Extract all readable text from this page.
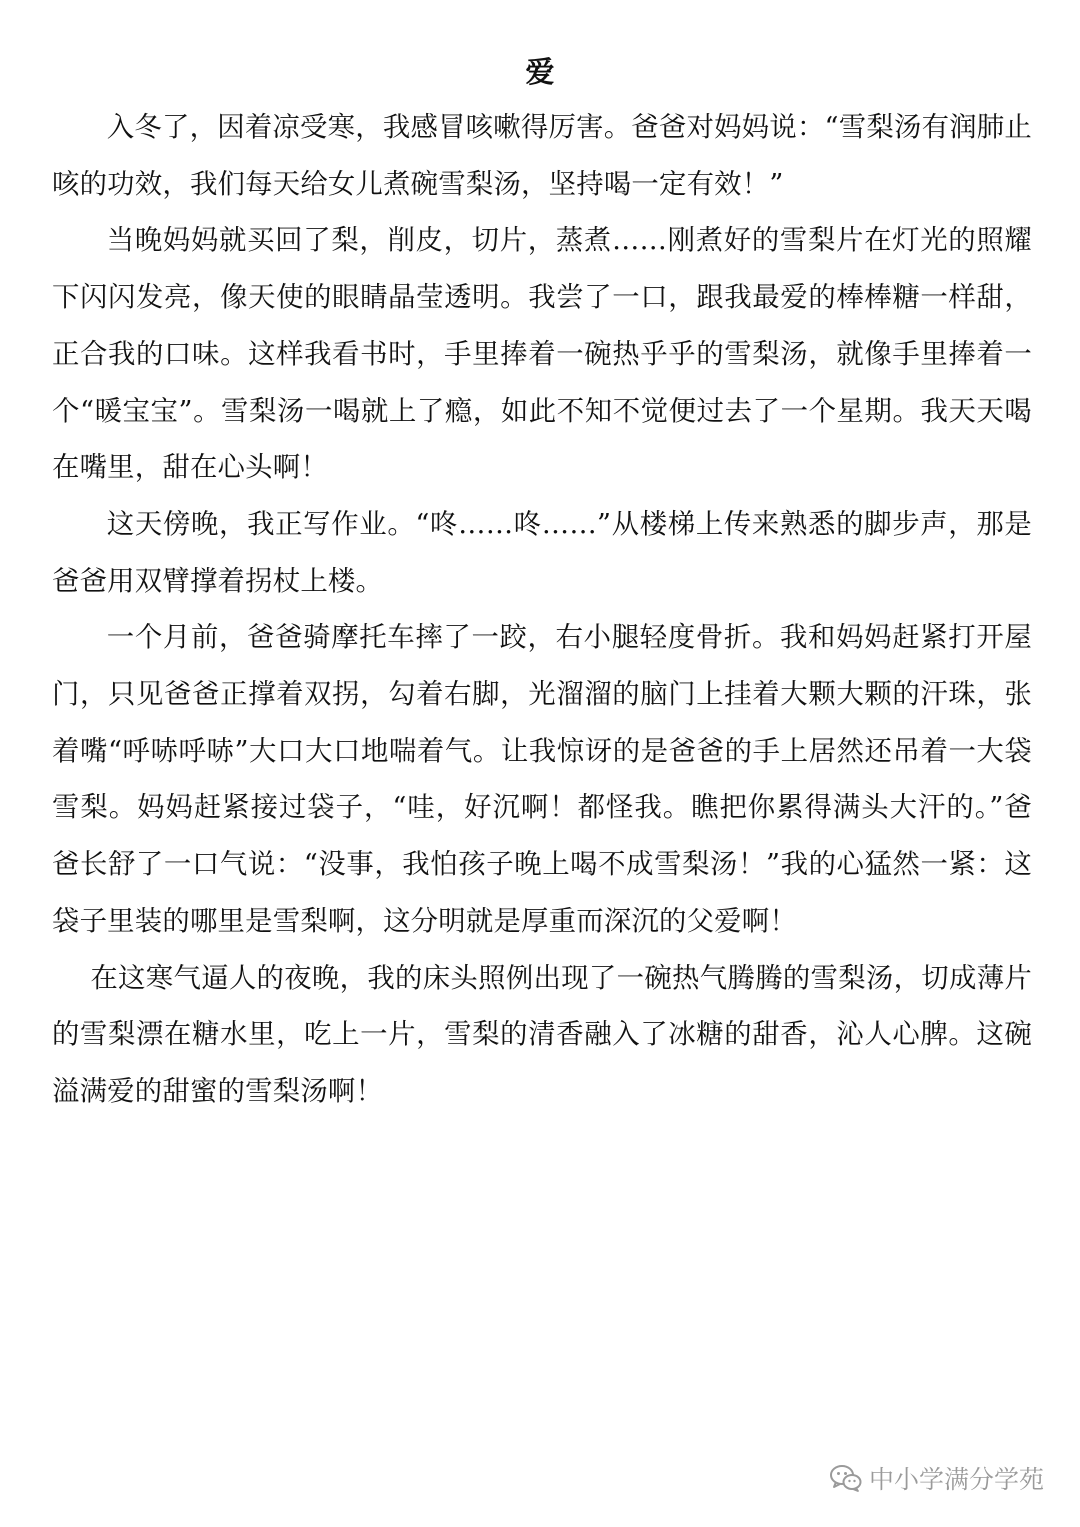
爱

入冬了，因着凉受寒，我感冒咳嗽得厉害。爸爸对妈妈说：“雪梨汤有润肺止咳的功效，我们每天给女儿煮碗雪梨汤，坚持喝一定有效！”

当晚妈妈就买回了梨，削皮，切片，蒸煮……刚煮好的雪梨片在灯光的照耀下闪闪发亮，像天使的眼睛晶莹透明。我尝了一口，跟我最爱的棒棒糖一样甜，正合我的口味。这样我看书时，手里捧着一碗热乎乎的雪梨汤，就像手里捧着一个“暖宝宝”。雪梨汤一喝就上了瘾，如此不知不觉便过去了一个星期。我天天喝在嘴里，甜在心头啊！

这天傍晚，我正写作业。“咚……咚……”从楼梯上传来熟悉的脚步声，那是爸爸用双臂撑着拐杖上楼。

一个月前，爸爸骑摩托车摔了一跤，右小腿轻度骨折。我和妈妈赶紧打开屋门，只见爸爸正撑着双拐，勾着右脚，光溜溜的脑门上挂着大颗大颗的汗珠，张着嘴“呼哧呼哧”大口大口地喘着气。让我惊讶的是爸爸的手上居然还吊着一大袋雪梨。妈妈赶紧接过袋子，“哇，好沉啊！都怪我。瞧把你累得满头大汗的。”爸爸长舒了一口气说：“没事，我怕孩子晚上喝不成雪梨汤！”我的心猛然一紧：这袋子里装的哪里是雪梨啊，这分明就是厚重而深沉的父爱啊！

在这寒气逼人的夜晚，我的床头照例出现了一碗热气腾腾的雪梨汤，切成薄片的雪梨漂在糖水里，吃上一片，雪梨的清香融入了冰糖的甜香，沁人心脾。这碗溢满爱的甜蜜的雪梨汤啊！

中小学满分学苑
